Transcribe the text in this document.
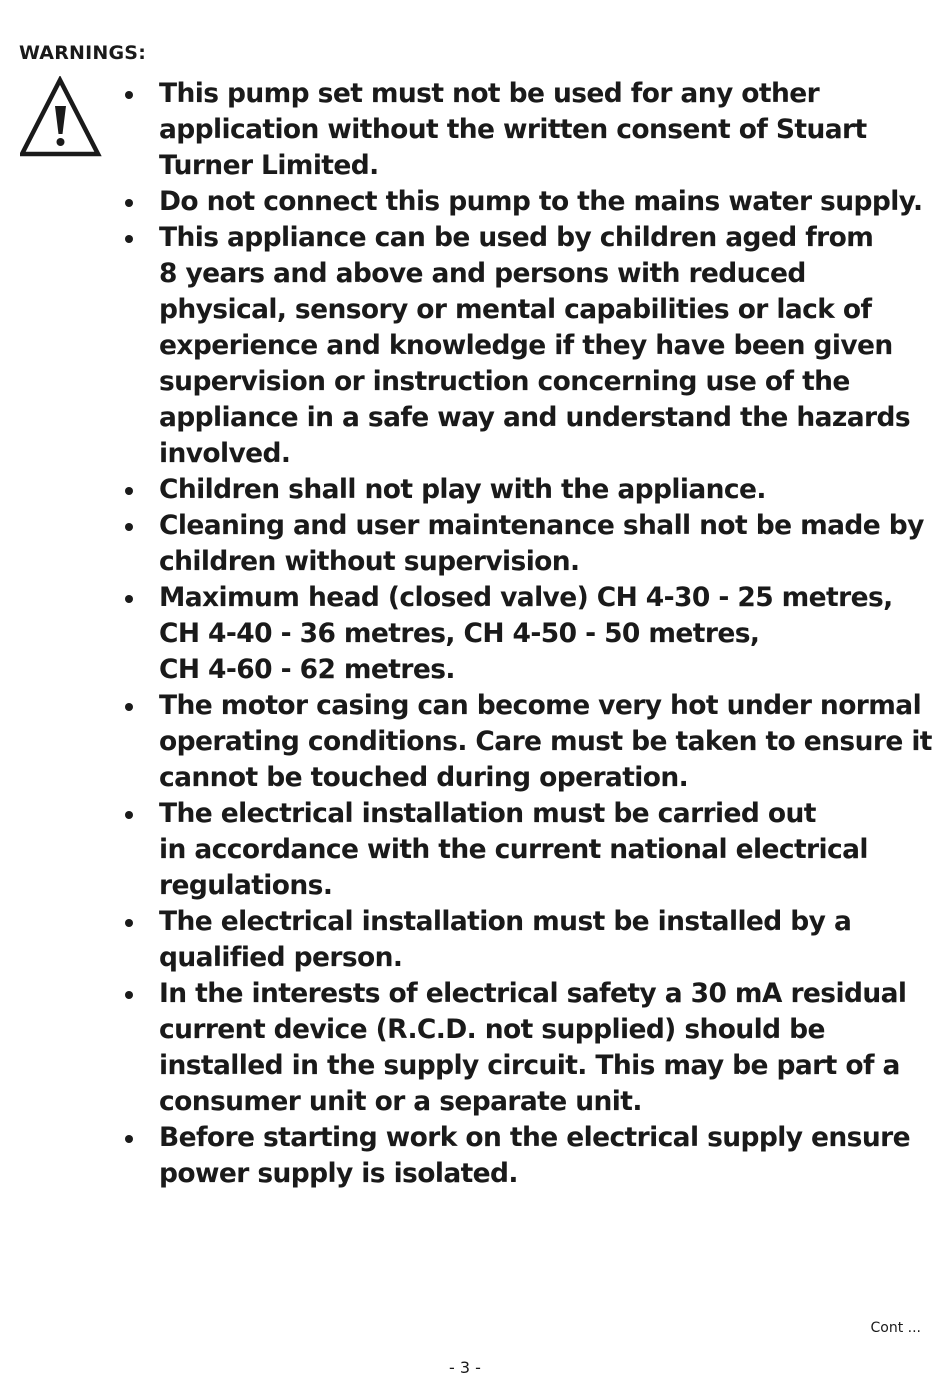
WARNINGS:
This pump set must not be used for any other
application without the written consent of Stuart
Turner Limited.
Do not connect this pump to the mains water supply.
This appliance can be used by children aged from
8 years and above and persons with reduced
physical, sensory or mental capabilities or lack of
experience and knowledge if they have been given
supervision or instruction concerning use of the
appliance in a safe way and understand the hazards
involved.
Children shall not play with the appliance.
Cleaning and user maintenance shall not be made by
children without supervision.
Maximum head (closed valve) CH 4-30 - 25 metres,
CH 4-40 - 36 metres, CH 4-50 - 50 metres,
CH 4-60 - 62 metres.
The motor casing can become very hot under normal
operating conditions. Care must be taken to ensure it
cannot be touched during operation.
The electrical installation must be carried out
in accordance with the current national electrical
regulations.
The electrical installation must be installed by a
qualified person.
In the interests of electrical safety a 30 mA residual
current device (R.C.D. not supplied) should be
installed in the supply circuit. This may be part of a
consumer unit or a separate unit.
Before starting work on the electrical supply ensure
power supply is isolated.
Cont ...
- 3 -
